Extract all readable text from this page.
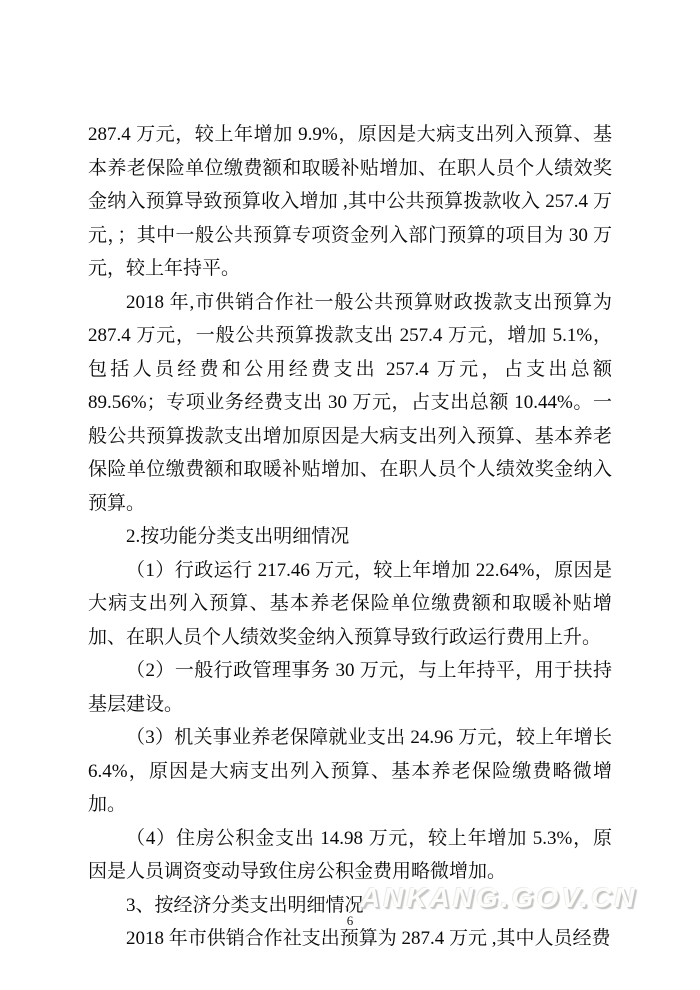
287.4 万元，较上年增加 9.9%，原因是大病支出列入预算、基本养老保险单位缴费额和取暖补贴增加、在职人员个人绩效奖金纳入预算导致预算收入增加 ,其中公共预算拨款收入 257.4 万元，；其中一般公共预算专项资金列入部门预算的项目为 30 万元，较上年持平。

2018 年,市供销合作社一般公共预算财政拨款支出预算为 287.4 万元，一般公共预算拨款支出 257.4 万元，增加 5.1%，包括人员经费和公用经费支出 257.4 万元，占支出总额 89.56%；专项业务经费支出 30 万元，占支出总额 10.44%。一般公共预算拨款支出增加原因是大病支出列入预算、基本养老保险单位缴费额和取暖补贴增加、在职人员个人绩效奖金纳入预算。

2.按功能分类支出明细情况

（1）行政运行 217.46 万元，较上年增加 22.64%，原因是大病支出列入预算、基本养老保险单位缴费额和取暖补贴增加、在职人员个人绩效奖金纳入预算导致行政运行费用上升。

（2）一般行政管理事务 30 万元，与上年持平，用于扶持基层建设。

（3）机关事业养老保障就业支出 24.96 万元，较上年增长 6.4%，原因是大病支出列入预算、基本养老保险缴费略微增加。

（4）住房公积金支出 14.98 万元，较上年增加 5.3%，原因是人员调资变动导致住房公积金费用略微增加。

3、按经济分类支出明细情况

2018 年市供销合作社支出预算为 287.4 万元 ,其中人员经费

ANKANG.GOV.CN
6
